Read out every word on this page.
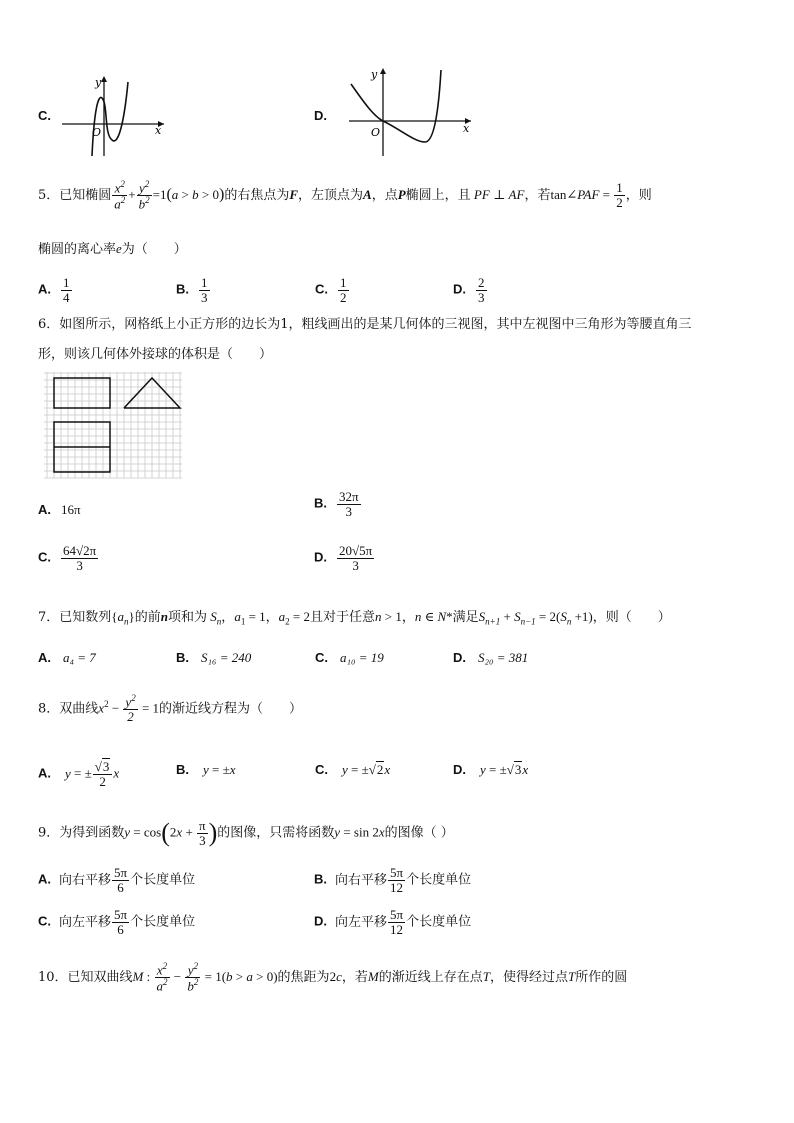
C.
y
x
O
D.
y
x
O
5．已知椭圆 $\frac{x^2}{a^2} + \frac{y^2}{b^2} =1(a > b > 0)$的右焦点为F，左顶点为A，点P椭圆上，且 PF ⊥ AF，若tan∠PAF = $\frac{1}{2}$ ，则
椭圆的离心率e为（　　）
A. $\frac{1}{4}$	B. $\frac{1}{3}$	C. $\frac{1}{2}$	D. $\frac{2}{3}$
6．如图所示，网格纸上小正方形的边长为1，粗线画出的是某几何体的三视图，其中左视图中三角形为等腰直角三
形，则该几何体外接球的体积是（　　）
A. 16π	B. $\frac{32\pi}{3}$
C. $\frac{64√2\pi}{3}$	D. $\frac{20√5\pi}{3}$
7．已知数列$\{a_n\}$的前n项和为 $S_n$，$a_1 = 1$，$a_2 = 2$且对于任意n > 1，n ∈ N*满足$S_{n+1} + S_{n-1} = 2(S_n +1)$，则（　　）
A. a₄ = 7	B. S₁₆ = 240	C. a₁₀ = 19	D. S₂₀ = 381
8．双曲线$x^2 - \frac{y^2}{2} = 1$的渐近线方程为（　　）
A. y = ± $\frac{√3}{2}$ x	B. y = ±x	C. y = ±√2x	D. y = ±√3x
9．为得到函数$y = \cos(2x + \frac{\pi}{3}$ )的图像，只需将函数y = sin 2x的图像（ ）
A. 向右平移 $\frac{5\pi}{6}$ 个长度单位	B. 向右平移 $\frac{5\pi}{12}$ 个长度单位
C. 向左平移 $\frac{5\pi}{6}$ 个长度单位	D. 向左平移 $\frac{5\pi}{12}$ 个长度单位
10．已知双曲线M : $\frac{x^2}{a^2} - \frac{y^2}{b^2} = 1(b > a > 0)$的焦距为2c，若M的渐近线上存在点T，使得经过点T所作的圆
